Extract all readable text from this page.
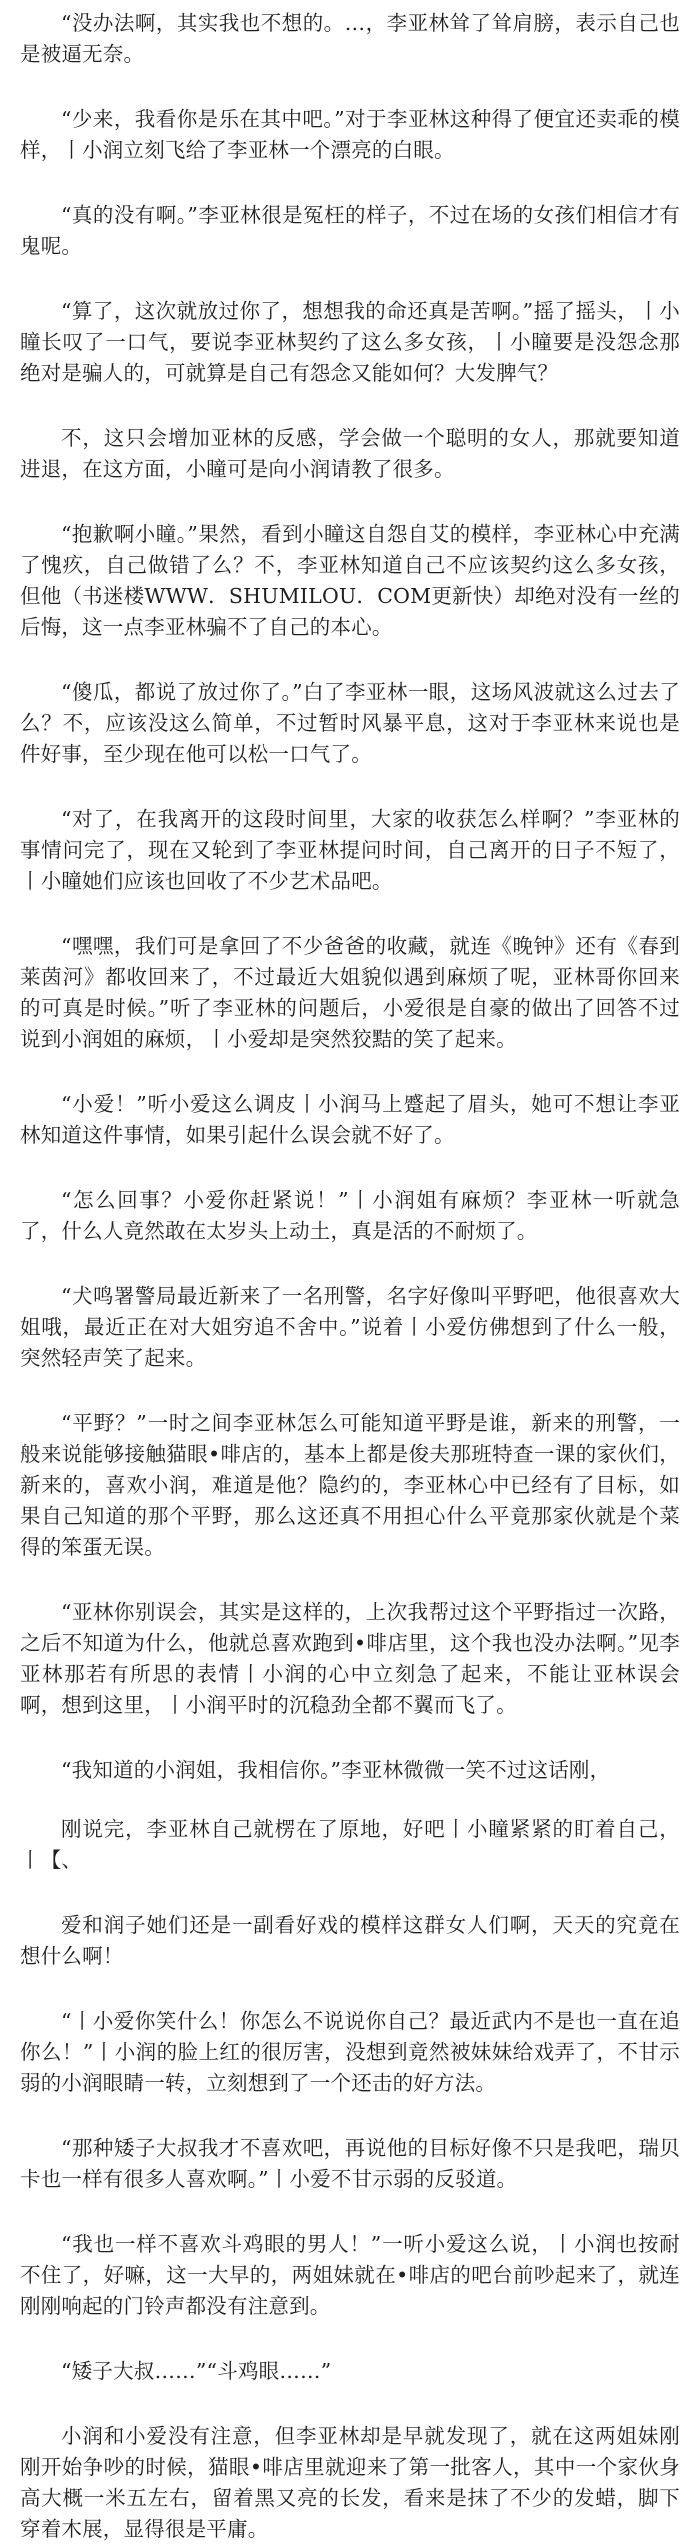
“没办法啊，其实我也不想的。…，李亚林耸了耸肩膀，表示自己也是被逼无奈。

“少来，我看你是乐在其中吧。”对于李亚林这种得了便宜还卖乖的模样，丨小润立刻飞给了李亚林一个漂亮的白眼。

“真的没有啊。”李亚林很是冤枉的样子，不过在场的女孩们相信才有鬼呢。

“算了，这次就放过你了，想想我的命还真是苦啊。”摇了摇头，丨小瞳长叹了一口气，要说李亚林契约了这么多女孩，丨小瞳要是没怨念那绝对是骗人的，可就算是自己有怨念又能如何？大发脾气？

不，这只会增加亚林的反感，学会做一个聪明的女人，那就要知道进退，在这方面，小瞳可是向小润请教了很多。

“抱歉啊小瞳。”果然，看到小瞳这自怨自艾的模样，李亚林心中充满了愧疚，自己做错了么？不，李亚林知道自己不应该契约这么多女孩，但他（书迷楼WWW．SHUMILOU．COM更新快）却绝对没有一丝的后悔，这一点李亚林骗不了自己的本心。

“傻瓜，都说了放过你了。”白了李亚林一眼，这场风波就这么过去了么？不，应该没这么简单，不过暂时风暴平息，这对于李亚林来说也是件好事，至少现在他可以松一口气了。

“对了，在我离开的这段时间里，大家的收获怎么样啊？”李亚林的事情问完了，现在又轮到了李亚林提问时间，自己离开的日子不短了，丨小瞳她们应该也回收了不少艺术品吧。

“嘿嘿，我们可是拿回了不少爸爸的收藏，就连《晚钟》还有《春到莱茵河》都收回来了，不过最近大姐貌似遇到麻烦了呢，亚林哥你回来的可真是时候。”听了李亚林的问题后，小爱很是自豪的做出了回答不过说到小润姐的麻烦，丨小爱却是突然狡黠的笑了起来。

“小爱！”听小爱这么调皮丨小润马上蹙起了眉头，她可不想让李亚林知道这件事情，如果引起什么误会就不好了。

“怎么回事？小爱你赶紧说！”丨小润姐有麻烦？李亚林一听就急了，什么人竟然敢在太岁头上动土，真是活的不耐烦了。

“犬鸣署警局最近新来了一名刑警，名字好像叫平野吧，他很喜欢大姐哦，最近正在对大姐穷追不舍中。”说着丨小爱仿佛想到了什么一般，突然轻声笑了起来。

“平野？”一时之间李亚林怎么可能知道平野是谁，新来的刑警，一般来说能够接触猫眼•啡店的，基本上都是俊夫那班特查一课的家伙们，新来的，喜欢小润，难道是他？隐约的，李亚林心中已经有了目标，如果自己知道的那个平野，那么这还真不用担心什么平竟那家伙就是个菜得的笨蛋无误。

“亚林你别误会，其实是这样的，上次我帮过这个平野指过一次路，之后不知道为什么，他就总喜欢跑到•啡店里，这个我也没办法啊。”见李亚林那若有所思的表情丨小润的心中立刻急了起来，不能让亚林误会啊，想到这里，丨小润平时的沉稳劲全都不翼而飞了。

“我知道的小润姐，我相信你。”李亚林微微一笑不过这话刚，

刚说完，李亚林自己就楞在了原地，好吧丨小瞳紧紧的盯着自己，丨【、

爱和润子她们还是一副看好戏的模样这群女人们啊，天天的究竟在想什么啊！

“丨小爱你笑什么！你怎么不说说你自己？最近武内不是也一直在追你么！”丨小润的脸上红的很厉害，没想到竟然被妹妹给戏弄了，不甘示弱的小润眼睛一转，立刻想到了一个还击的好方法。

“那种矮子大叔我才不喜欢吧，再说他的目标好像不只是我吧，瑞贝卡也一样有很多人喜欢啊。”丨小爱不甘示弱的反驳道。

“我也一样不喜欢斗鸡眼的男人！”一听小爱这么说，丨小润也按耐不住了，好嘛，这一大早的，两姐妹就在•啡店的吧台前吵起来了，就连刚刚响起的门铃声都没有注意到。

“矮子大叔……”“斗鸡眼……”

小润和小爱没有注意，但李亚林却是早就发现了，就在这两姐妹刚刚开始争吵的时候，猫眼•啡店里就迎来了第一批客人，其中一个家伙身高大概一米五左右，留着黑又亮的长发，看来是抹了不少的发蜡，脚下穿着木展，显得很是平庸。
